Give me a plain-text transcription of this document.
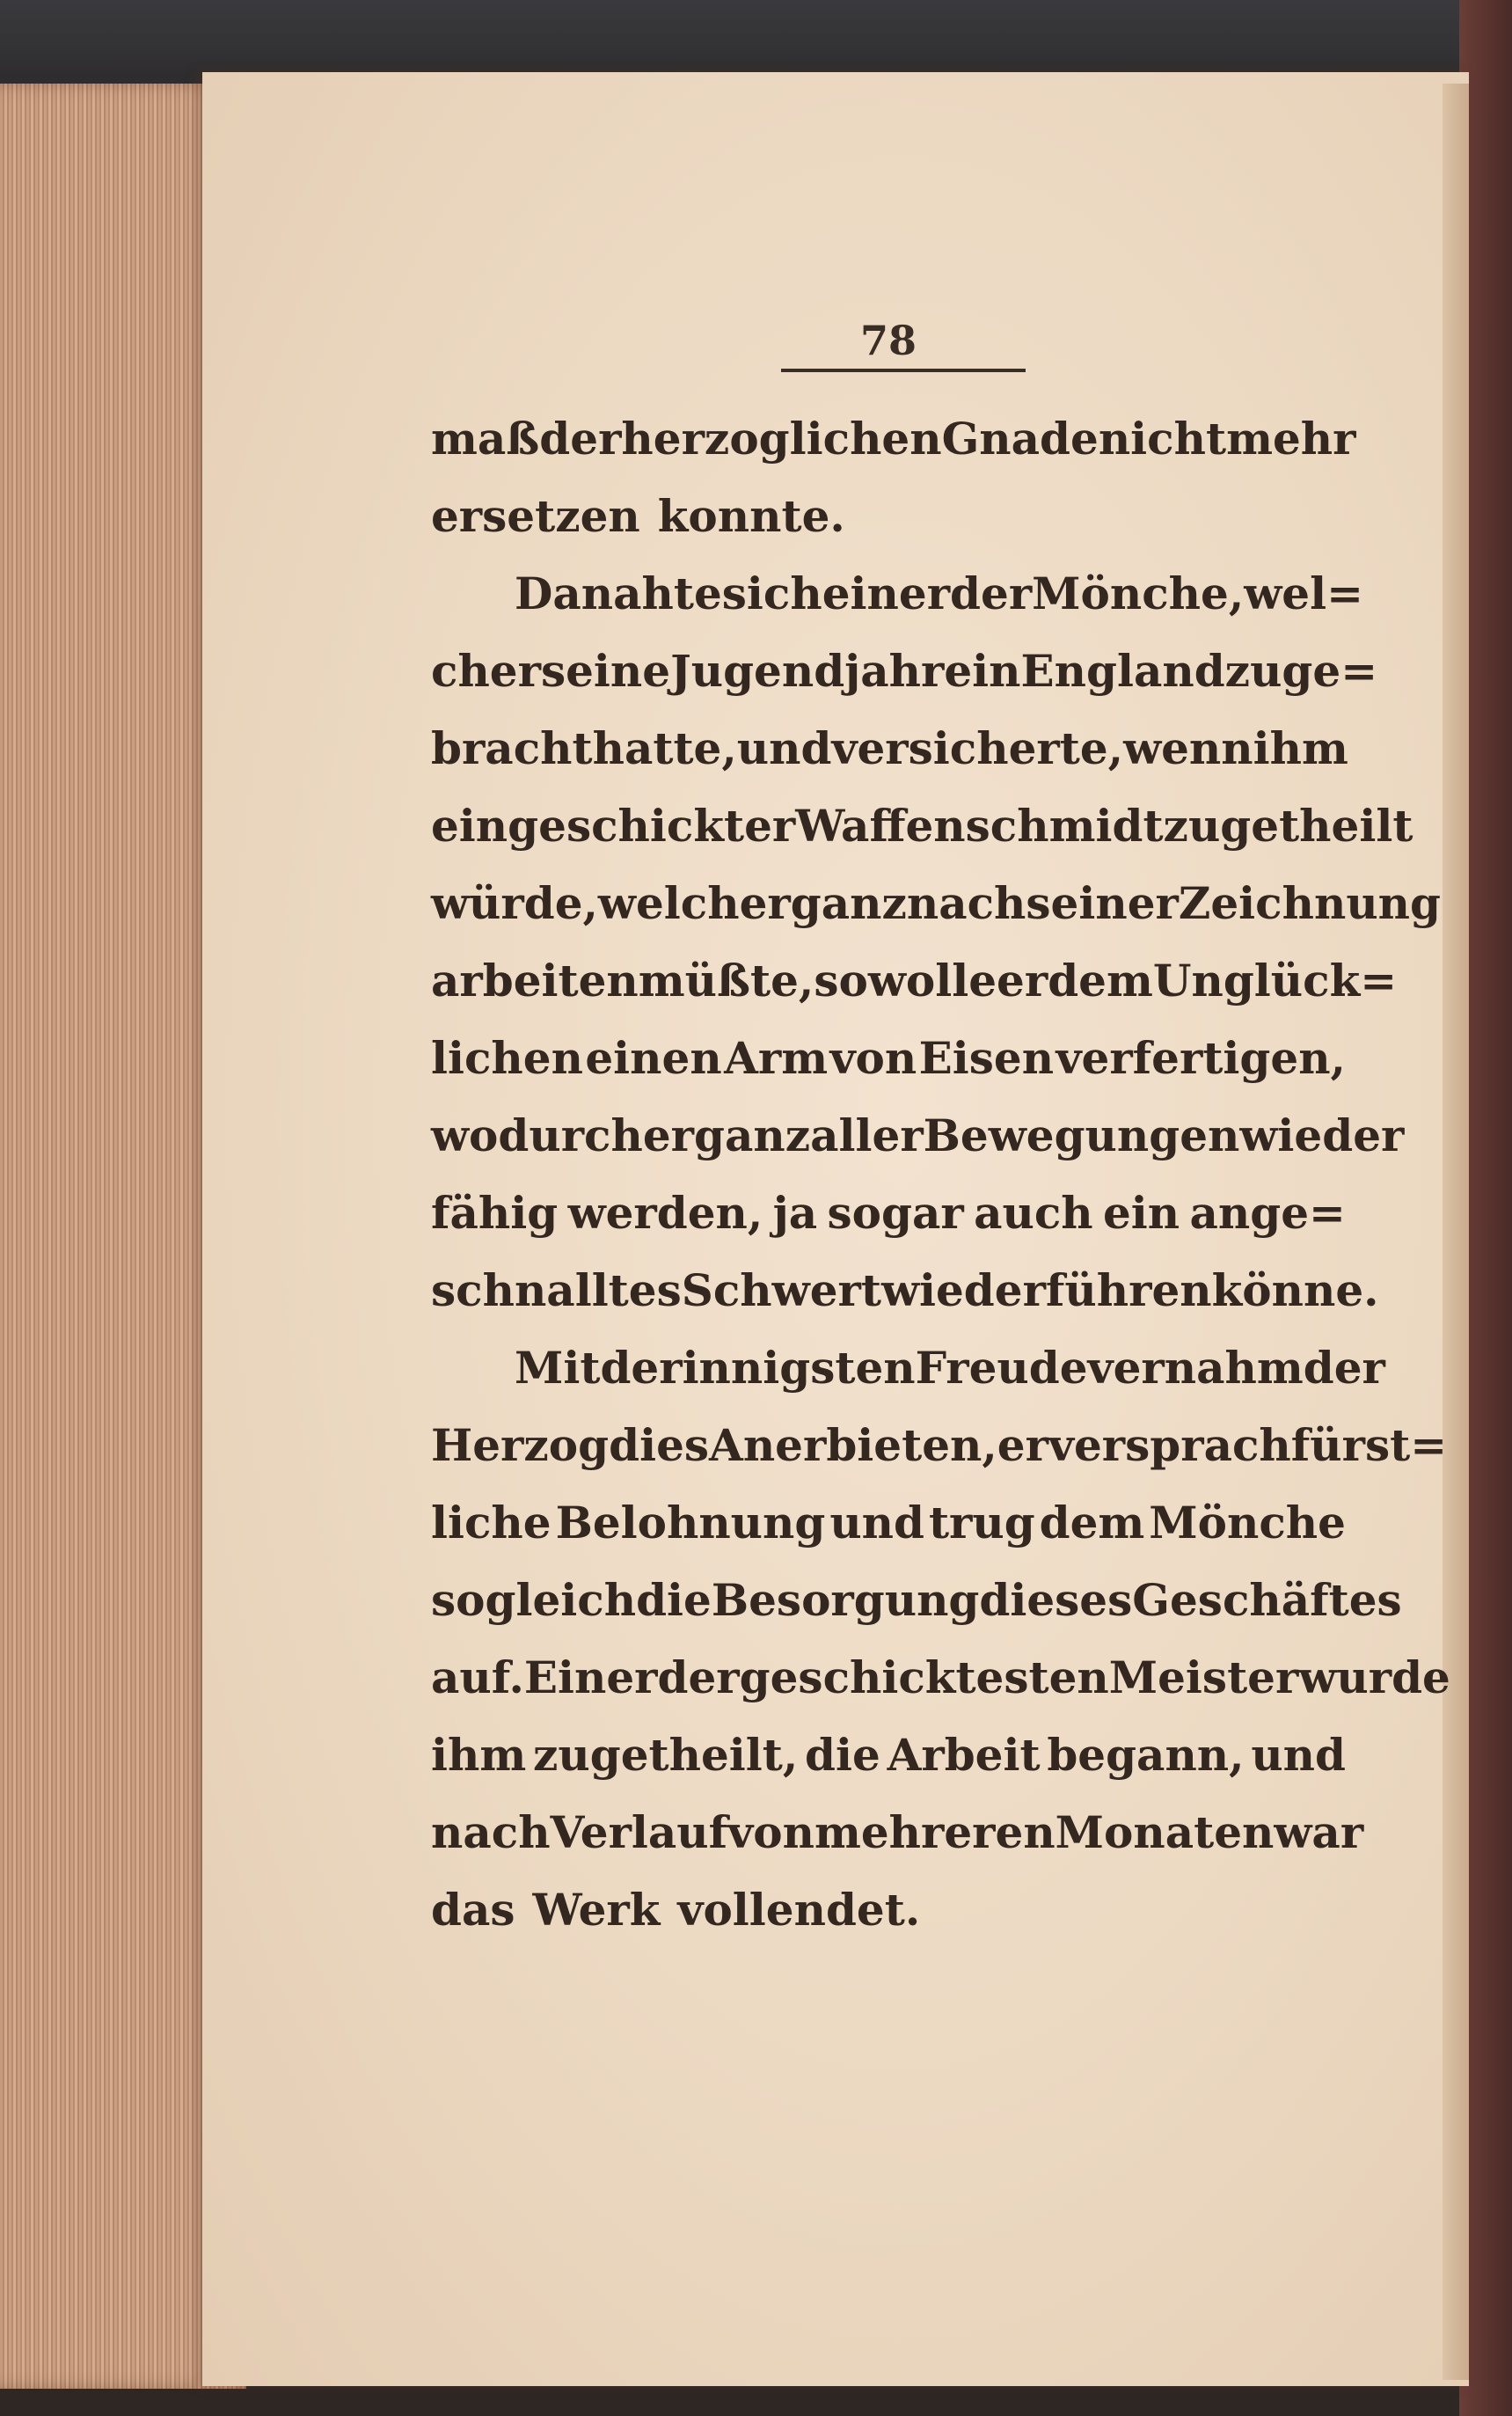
78
maß der herzoglichen Gnade nicht mehr
ersetzen konnte.
Da nahte sich einer der Mönche, wel=
cher seine Jugendjahre in England zuge=
bracht hatte, und versicherte, wenn ihm
ein geschickter Waffenschmidt zugetheilt
würde, welcher ganz nach seiner Zeichnung
arbeiten müßte, so wolle er dem Unglück=
lichen einen Arm von Eisen verfertigen,
wodurch er ganz aller Bewegungen wieder
fähig werden, ja sogar auch ein ange=
schnalltes Schwert wieder führen könne.
Mit der innigsten Freude vernahm der
Herzog dies Anerbieten, er versprach fürst=
liche Belohnung und trug dem Mönche
sogleich die Besorgung dieses Geschäftes
auf. Einer der geschicktesten Meister wurde
ihm zugetheilt, die Arbeit begann, und
nach Verlauf von mehreren Monaten war
das Werk vollendet.
